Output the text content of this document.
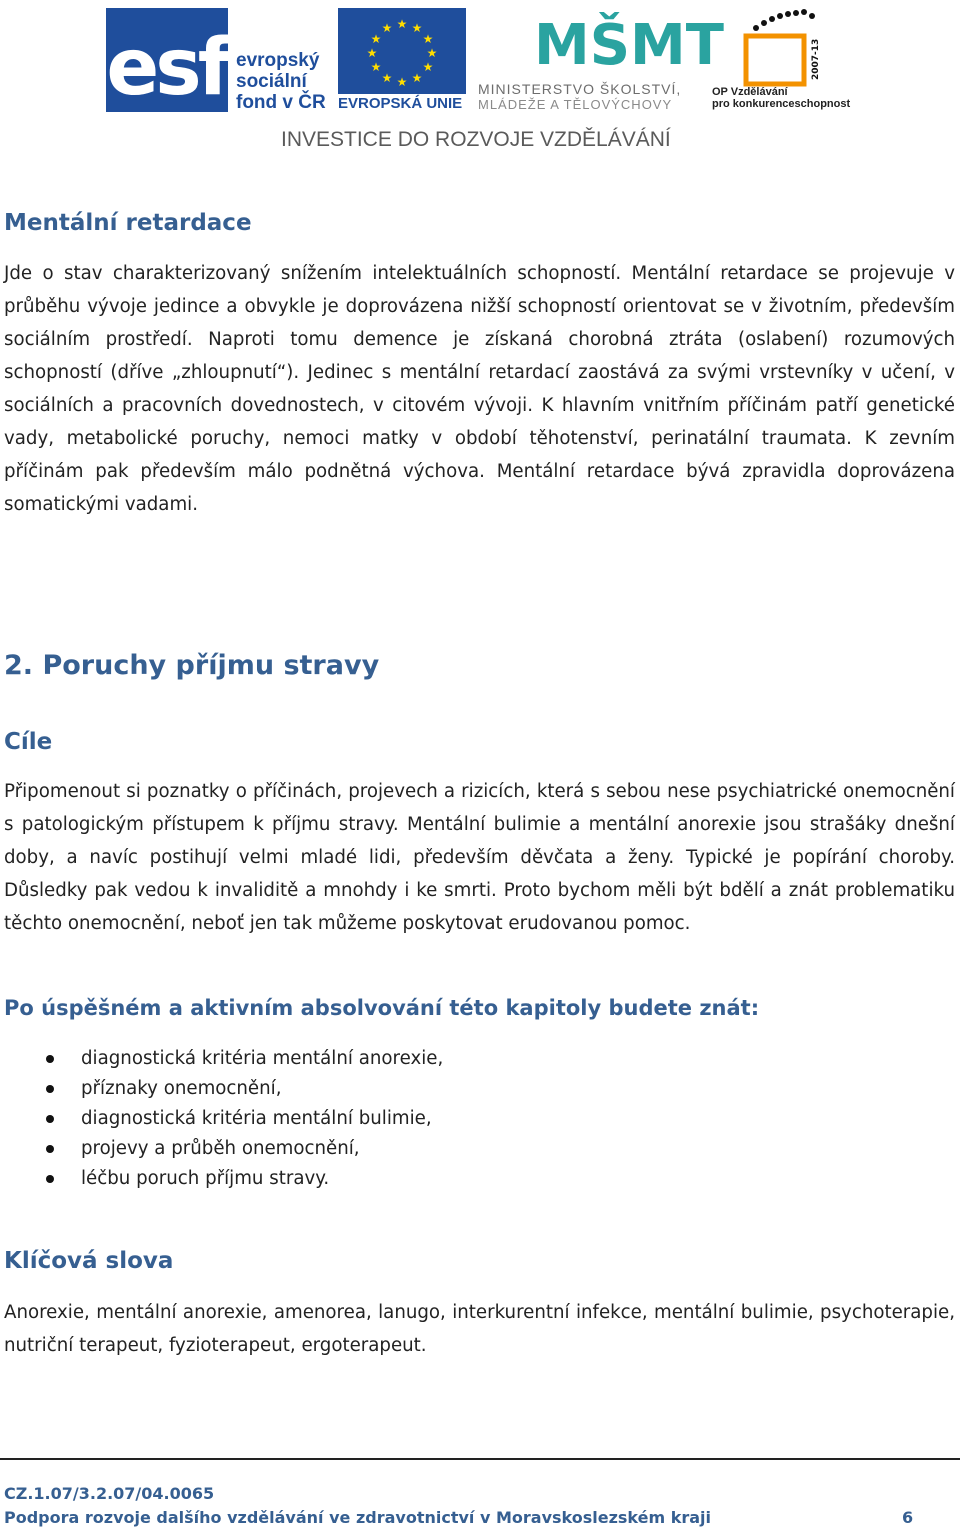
esf evropský
sociální
fond v ČR
★ ★
★
★
★
★
★
★
★
★
★
★
EVROPSKÁ UNIE
MŠMT
MINISTERSTVO ŠKOLSTVÍ,
MLÁDEŽE A TĚLOVÝCHOVY
2007-13
OP Vzdělávání
pro konkurenceschopnost
INVESTICE DO ROZVOJE VZDĚLÁVÁNÍ
Mentální retardace

Jde o stav charakterizovaný snížením intelektuálních schopností. Mentální retardace se projevuje v průběhu vývoje jedince a obvykle je doprovázena nižší schopností orientovat se v životním, především sociálním prostředí. Naproti tomu demence je získaná chorobná ztráta (oslabení) rozumových schopností (dříve „zhloupnutí“). Jedinec s mentální retardací zaostává za svými vrstevníky v učení, v sociálních a pracovních dovednostech, v citovém vývoji. K hlavním vnitřním příčinám patří genetické vady, metabolické poruchy, nemoci matky v období těhotenství, perinatální traumata. K zevním příčinám pak především málo podnětná výchova. Mentální retardace bývá zpravidla doprovázena somatickými vadami.

2. Poruchy příjmu stravy
Cíle

Připomenout si poznatky o příčinách, projevech a rizicích, která s sebou nese psychiatrické onemocnění s patologickým přístupem k příjmu stravy. Mentální bulimie a mentální anorexie jsou strašáky dnešní doby, a navíc postihují velmi mladé lidi, především děvčata a ženy. Typické je popírání choroby. Důsledky pak vedou k invaliditě a mnohdy i ke smrti. Proto bychom měli být bdělí a znát problematiku těchto onemocnění, neboť jen tak můžeme poskytovat erudovanou pomoc.

Po úspěšném a aktivním absolvování této kapitoly budete znát:
diagnostická kritéria mentální anorexie,
příznaky onemocnění,
diagnostická kritéria mentální bulimie,
projevy a průběh onemocnění,
léčbu poruch příjmu stravy.
Klíčová slova

Anorexie, mentální anorexie, amenorea, lanugo, interkurentní infekce, mentální bulimie, psychoterapie, nutriční terapeut, fyzioterapeut, ergoterapeut.

CZ.1.07/3.2.07/04.0065
Podpora rozvoje dalšího vzdělávání ve zdravotnictví v Moravskoslezském kraji	6
